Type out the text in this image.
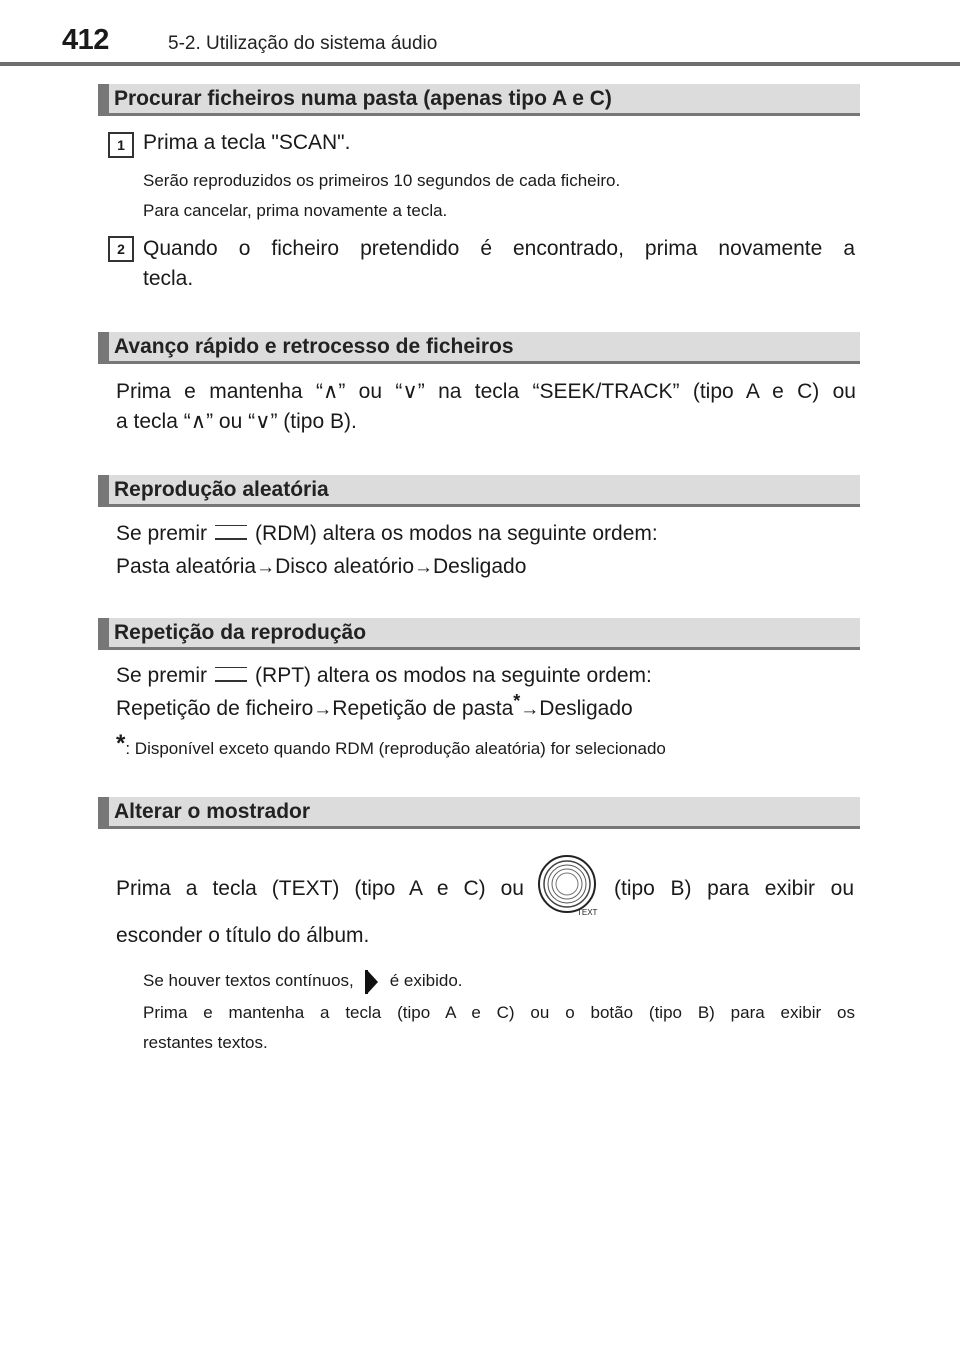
412	5-2. Utilização do sistema áudio
Procurar ficheiros numa pasta (apenas tipo A e C)
1 Prima a tecla "SCAN".
Serão reproduzidos os primeiros 10 segundos de cada ficheiro.
Para cancelar, prima novamente a tecla.
2 Quando o ficheiro pretendido é encontrado, prima novamente a
tecla.
Avanço rápido e retrocesso de ficheiros
Prima e mantenha “∧” ou “∨” na tecla “SEEK/TRACK” (tipo A e C) ou
a tecla “∧” ou “∨” (tipo B).
Reprodução aleatória
Se premir (RDM) altera os modos na seguinte ordem:
Pasta aleatória→Disco aleatório→Desligado
Repetição da reprodução
Se premir (RPT) altera os modos na seguinte ordem:
Repetição de ficheiro→Repetição de pasta*→Desligado
*: Disponível exceto quando RDM (reprodução aleatória) for selecionado
Alterar o mostrador
Prima a tecla (TEXT) (tipo A e C) ou
TEXT
(tipo B) para exibir ou
esconder o título do álbum.
Se houver textos contínuos, é exibido.
Prima e mantenha a tecla (tipo A e C) ou o botão (tipo B) para exibir os
restantes textos.
